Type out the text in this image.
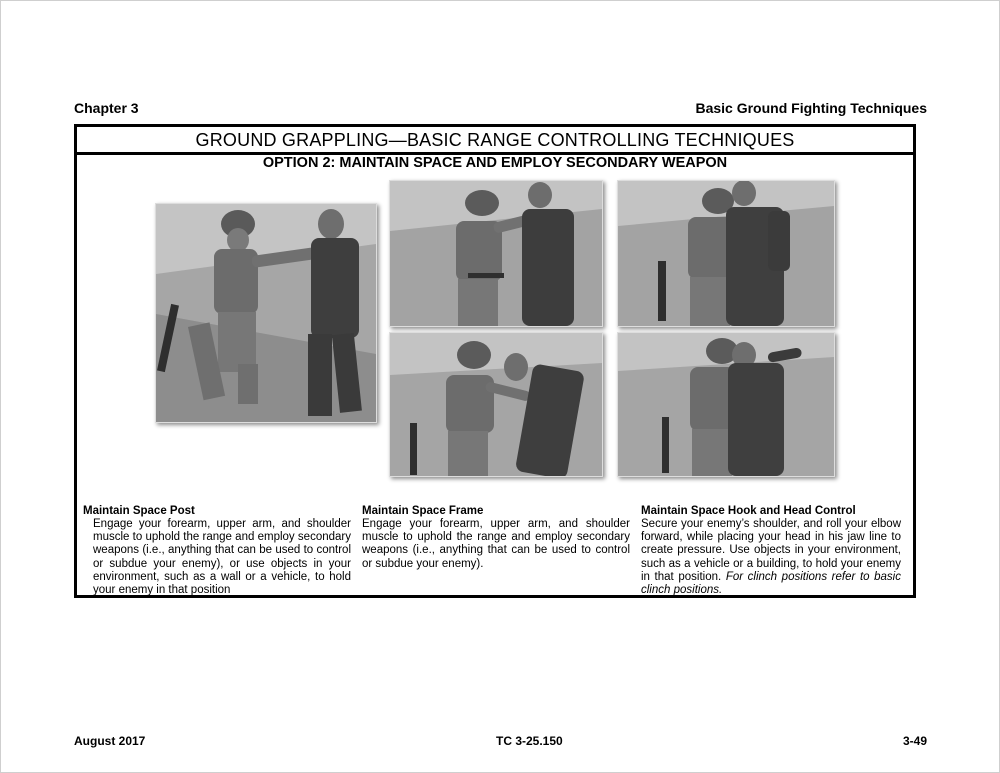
Chapter 3	Basic Ground Fighting Techniques
GROUND GRAPPLING—BASIC RANGE CONTROLLING TECHNIQUES
OPTION 2: MAINTAIN SPACE AND EMPLOY SECONDARY WEAPON
Maintain Space Post

Engage your forearm, upper arm, and shoulder muscle to uphold the range and employ secondary weapons (i.e., anything that can be used to control or subdue your enemy), or use objects in your environment, such as a wall or a vehicle, to hold your enemy in that position

Maintain Space Frame

Engage your forearm, upper arm, and shoulder muscle to uphold the range and employ secondary weapons (i.e., anything that can be used to control or subdue your enemy).

Maintain Space Hook and Head Control

Secure your enemy’s shoulder, and roll your elbow forward, while placing your head in his jaw line to create pressure. Use objects in your environment, such as a vehicle or a building, to hold your enemy in that position. For clinch positions refer to basic clinch positions.

August 2017	TC 3-25.150	3-49
